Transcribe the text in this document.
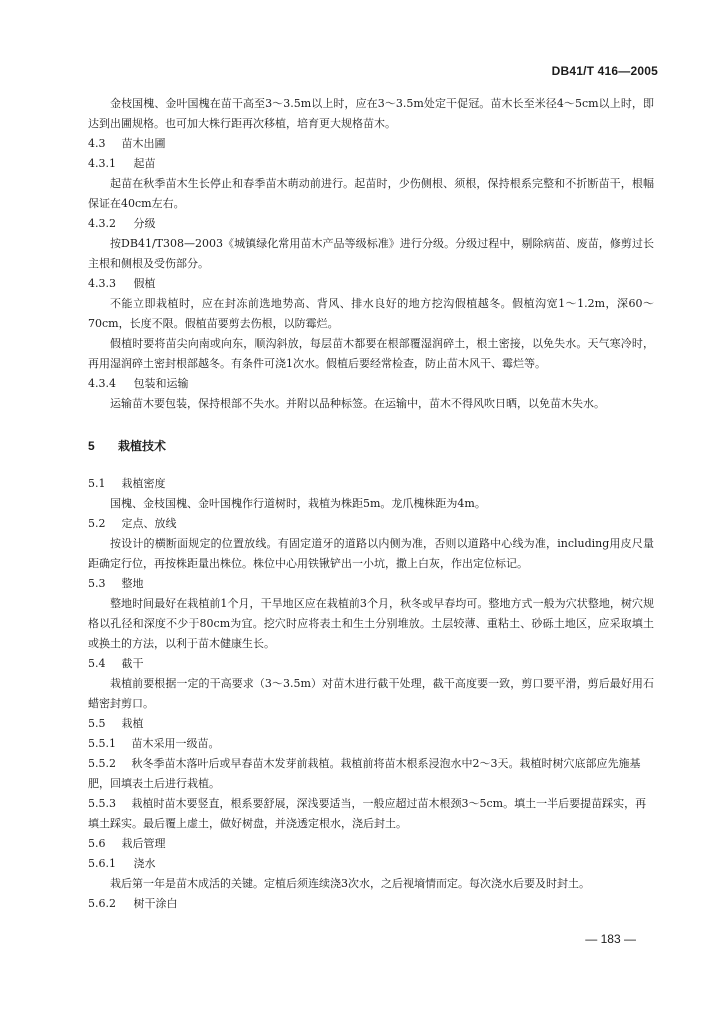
DB41/T 416—2005

金枝国槐、金叶国槐在苗干高至3～3.5m以上时，应在3～3.5m处定干促冠。苗木长至米径4～5cm以上时，即达到出圃规格。也可加大株行距再次移植，培育更大规格苗木。

4.3  苗木出圃

4.3.1  起苗

起苗在秋季苗木生长停止和春季苗木萌动前进行。起苗时，少伤侧根、须根，保持根系完整和不折断苗干，根幅保证在40cm左右。

4.3.2  分级

按DB41/T308—2003《城镇绿化常用苗木产品等级标准》进行分级。分级过程中，剔除病苗、废苗，修剪过长主根和侧根及受伤部分。

4.3.3  假植

不能立即栽植时，应在封冻前选地势高、背风、排水良好的地方挖沟假植越冬。假植沟宽1～1.2m，深60～70cm，长度不限。假植苗要剪去伤根，以防霉烂。

假植时要将苗尖向南或向东，顺沟斜放，每层苗木都要在根部覆湿润碎土，根土密接，以免失水。天气寒冷时，再用湿润碎土密封根部越冬。有条件可浇1次水。假植后要经常检查，防止苗木风干、霉烂等。

4.3.4  包装和运输

运输苗木要包装，保持根部不失水。并附以品种标签。在运输中，苗木不得风吹日晒，以免苗木失水。

5  栽植技术

5.1  栽植密度

国槐、金枝国槐、金叶国槐作行道树时，栽植为株距5m。龙爪槐株距为4m。

5.2  定点、放线

按设计的横断面规定的位置放线。有固定道牙的道路以内侧为准，否则以道路中心线为准，including用皮尺量距确定行位，再按株距量出株位。株位中心用铁锹铲出一小坑，撒上白灰，作出定位标记。

5.3  整地

整地时间最好在栽植前1个月，干旱地区应在栽植前3个月，秋冬或早春均可。整地方式一般为穴状整地，树穴规格以孔径和深度不少于80cm为宜。挖穴时应将表土和生土分别堆放。土层较薄、重粘土、砂砾土地区，应采取填土或换土的方法，以利于苗木健康生长。

5.4  截干

栽植前要根据一定的干高要求（3～3.5m）对苗木进行截干处理，截干高度要一致，剪口要平滑，剪后最好用石蜡密封剪口。

5.5  栽植

5.5.1 苗木采用一级苗。

5.5.2 秋冬季苗木落叶后或早春苗木发芽前栽植。栽植前将苗木根系浸泡水中2～3天。栽植时树穴底部应先施基肥，回填表土后进行栽植。

5.5.3 栽植时苗木要竖直，根系要舒展，深浅要适当，一般应超过苗木根颈3～5cm。填土一半后要提苗踩实，再填土踩实。最后覆上虚土，做好树盘，并浇透定根水，浇后封土。

5.6  栽后管理

5.6.1  浇水

栽后第一年是苗木成活的关键。定植后须连续浇3次水，之后视墒情而定。每次浇水后要及时封土。

5.6.2  树干涂白

— 183 —
